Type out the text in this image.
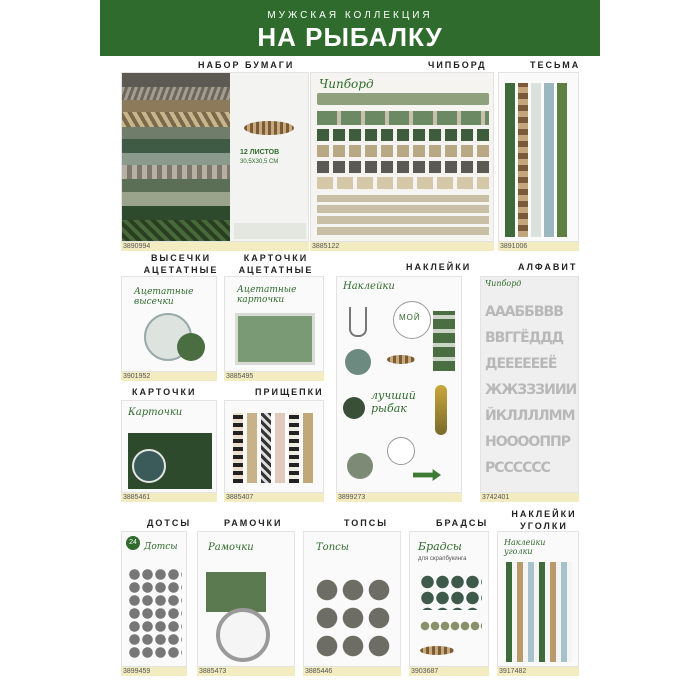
МУЖСКАЯ КОЛЛЕКЦИЯ
НА РЫБАЛКУ
НАБОР БУМАГИ
12 ЛИСТОВ
30,5Х30,5 СМ
3890994
ЧИПБОРД
Чипборд
3885122
ТЕСЬМА
3891006
ВЫСЕЧКИ АЦЕТАТНЫЕ
Ацетатные высечки
3901952
КАРТОЧКИ АЦЕТАТНЫЕ
Ацетатные карточки
3885495
НАКЛЕЙКИ
Наклейки
МОЙ
лучший рыбак
3899273
АЛФАВИТ
Чипборд
АААББВВВ
ВВГГЁДДД
ДЕЕЕЕЕЕЁ
ЖЖЗЗЗИИИ
ЙКЛЛЛЛММ
НООООППР
РСССССС
3742401
КАРТОЧКИ
Карточки
3885461
ПРИЩЕПКИ
3885407
ДОТСЫ
24 Дотсы
3899459
РАМОЧКИ
Рамочки
3885473
ТОПСЫ
Топсы
3885446
БРАДСЫ
Брадсы
для скрапбукинга
3903687
НАКЛЕЙКИ УГОЛКИ
Наклейки уголки
3917482
